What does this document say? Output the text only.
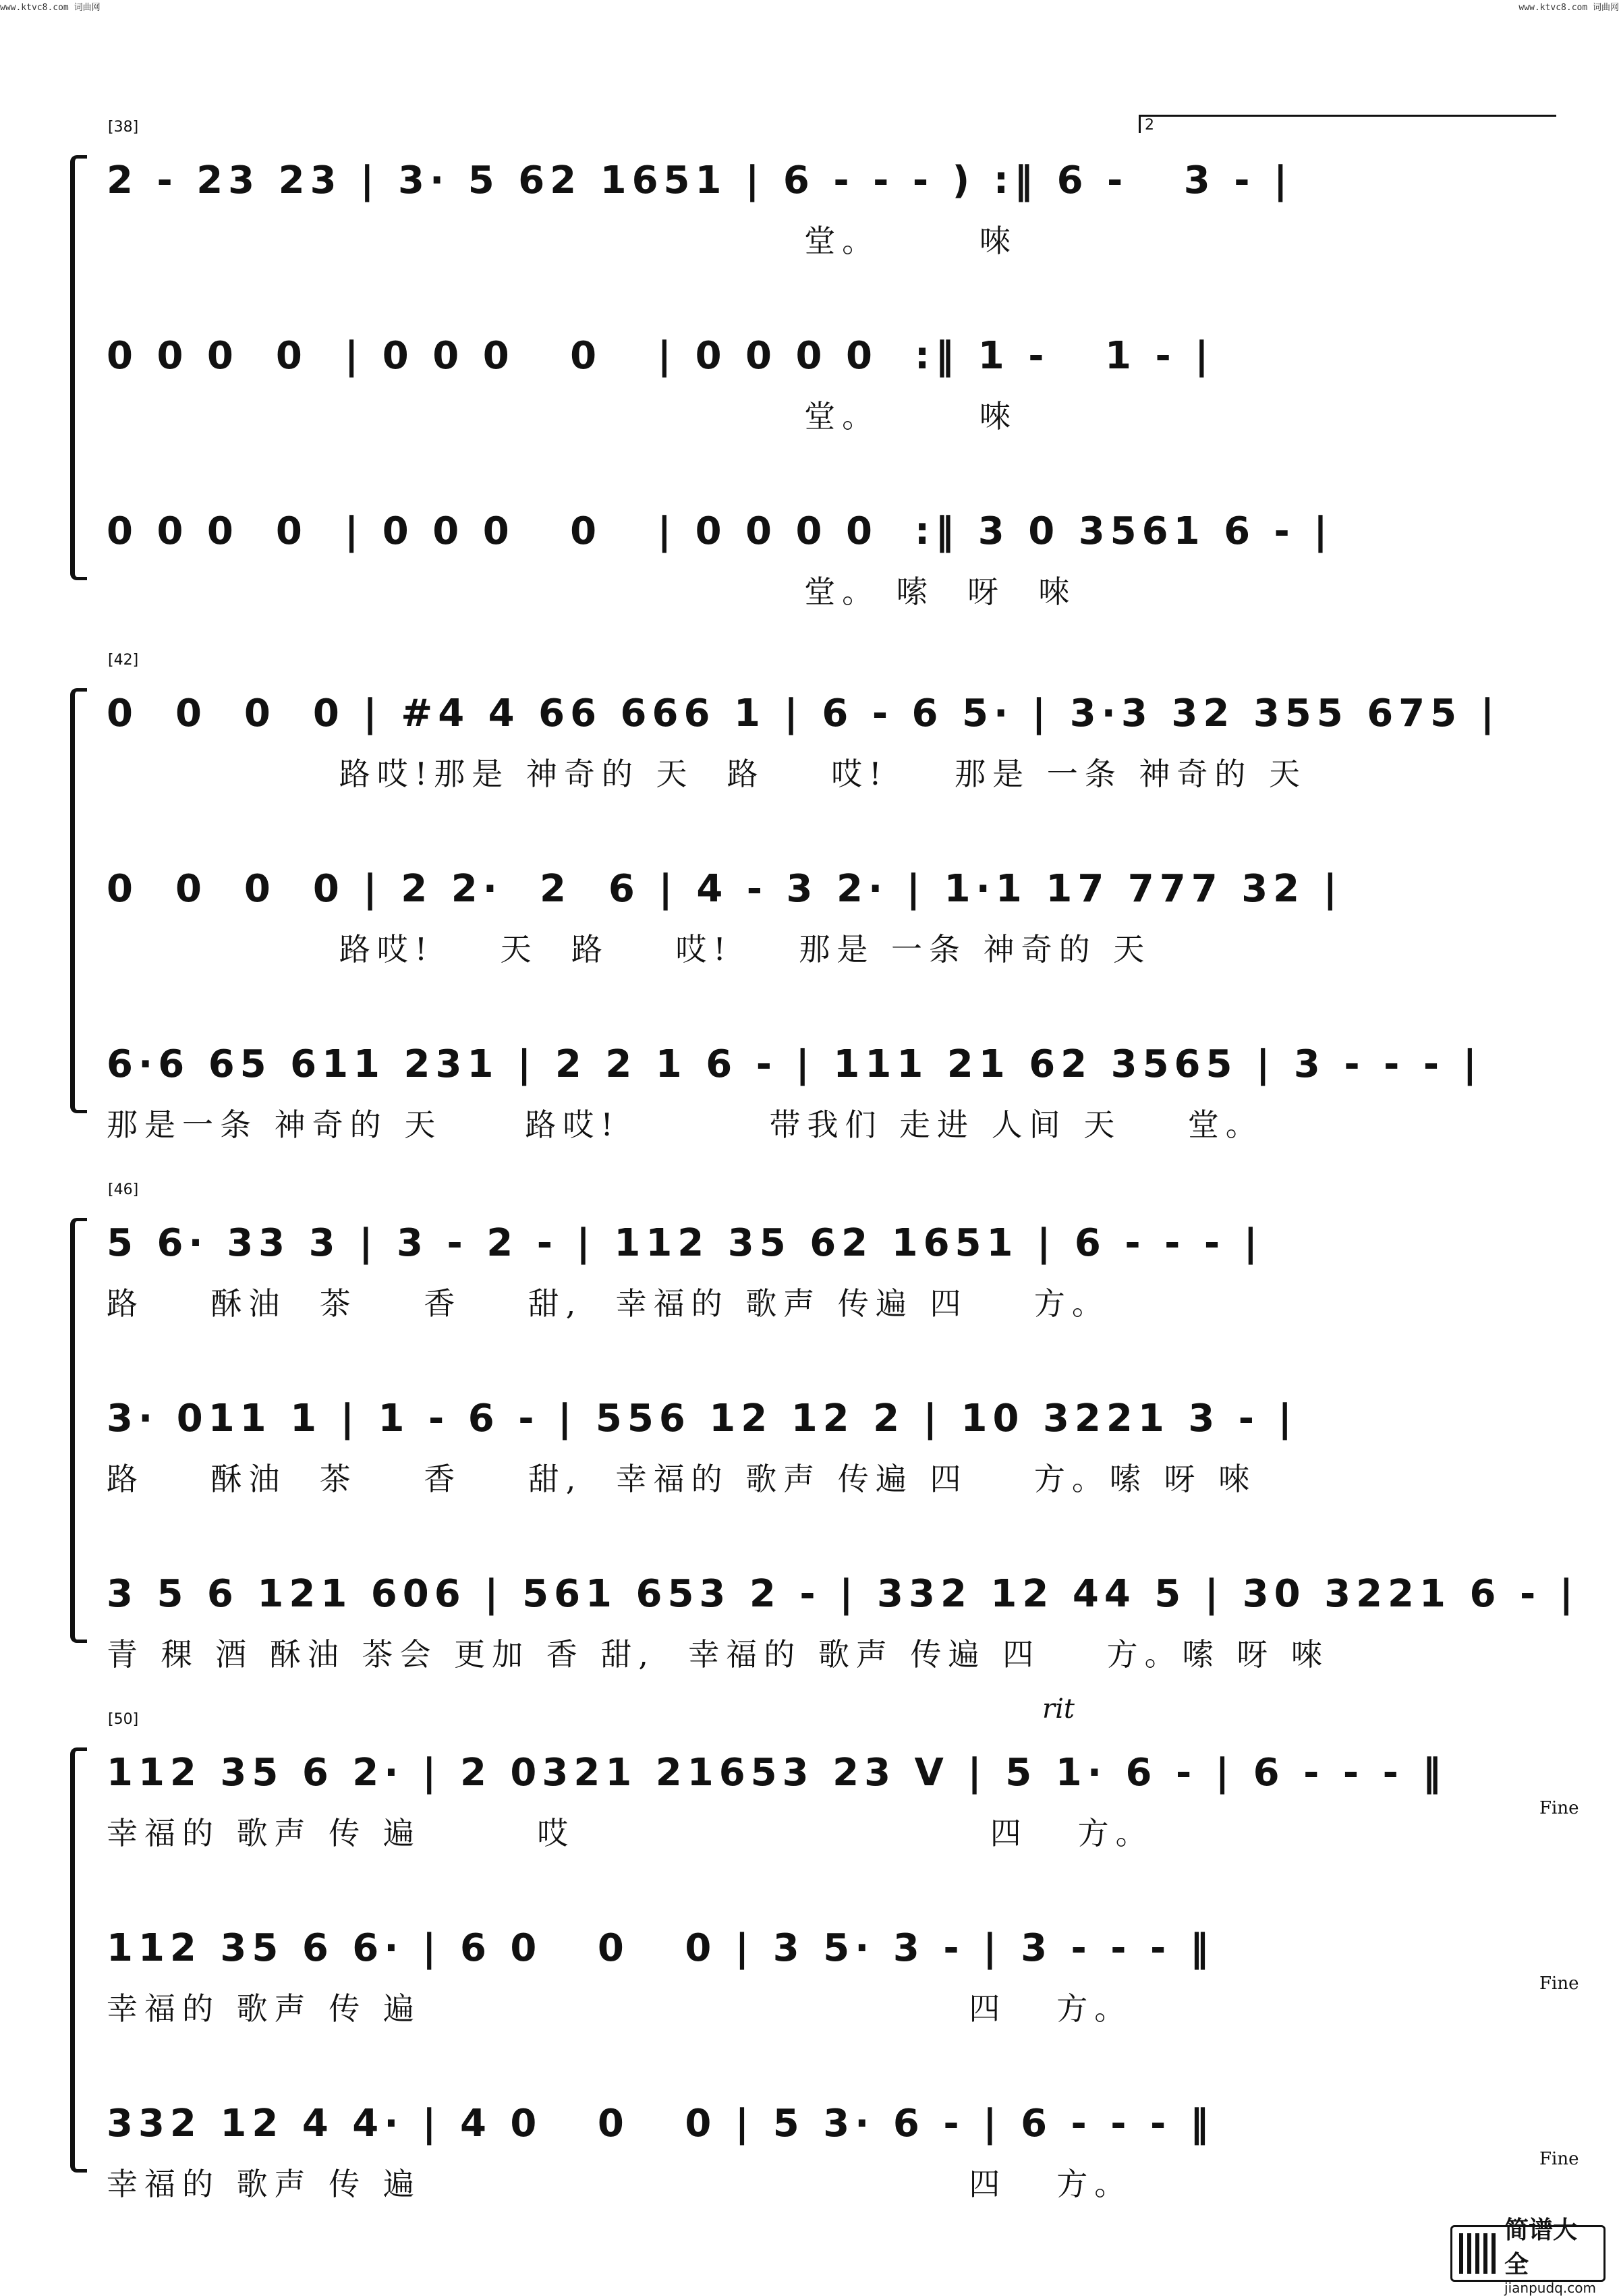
www.ktvc8.com 词曲网	www.ktvc8.com 词曲网
2
[38]
2 - 23 23 | 3· 5 62 1651 | 6 - - - ) :‖ 6 -   3 - |
堂。      唻
0 0 0  0  | 0 0 0   0   | 0 0 0 0  :‖ 1 -   1 - |
堂。      唻
0 0 0  0  | 0 0 0   0   | 0 0 0 0  :‖ 3 0 3561 6 - |
堂。 嗦  呀  唻
[42]
0  0  0  0 | #4 4 66 666 1 | 6 - 6 5· | 3·3 32 355 675 |
路哎!那是 神奇的 天  路    哎!    那是 一条 神奇的 天
0  0  0  0 | 2 2·  2  6 | 4 - 3 2· | 1·1 17 777 32 |
路哎!    天  路    哎!    那是 一条 神奇的 天
6·6 65 611 231 | 2 2 1 6 - | 111 21 62 3565 | 3 - - - |
那是一条 神奇的 天     路哎!         带我们 走进 人间 天    堂。
[46]
5 6· 33 3 | 3 - 2 - | 112 35 62 1651 | 6 - - - |
路    酥油  茶    香    甜,  幸福的 歌声 传遍 四    方。
3· 011 1 | 1 - 6 - | 556 12 12 2 | 10 3221 3 - |
路    酥油  茶    香    甜,  幸福的 歌声 传遍 四    方。嗦 呀 唻
3 5 6 121 606 | 561 653 2 - | 332 12 44 5 | 30 3221 6 - |
青 稞 酒 酥油 茶会 更加 香 甜,  幸福的 歌声 传遍 四    方。嗦 呀 唻
rit
[50]
112 35 6 2· | 2 0321 21653 23 V | 5 1· 6 - | 6 - - - ‖
幸福的 歌声 传 遍       哎                         四   方。
Fine
112 35 6 6· | 6 0   0   0 | 3 5· 3 - | 3 - - - ‖
幸福的 歌声 传 遍                                 四   方。
Fine
332 12 4 4· | 4 0   0   0 | 5 3· 6 - | 6 - - - ‖
幸福的 歌声 传 遍                                 四   方。
Fine
简谱大全
jianpudq.com
